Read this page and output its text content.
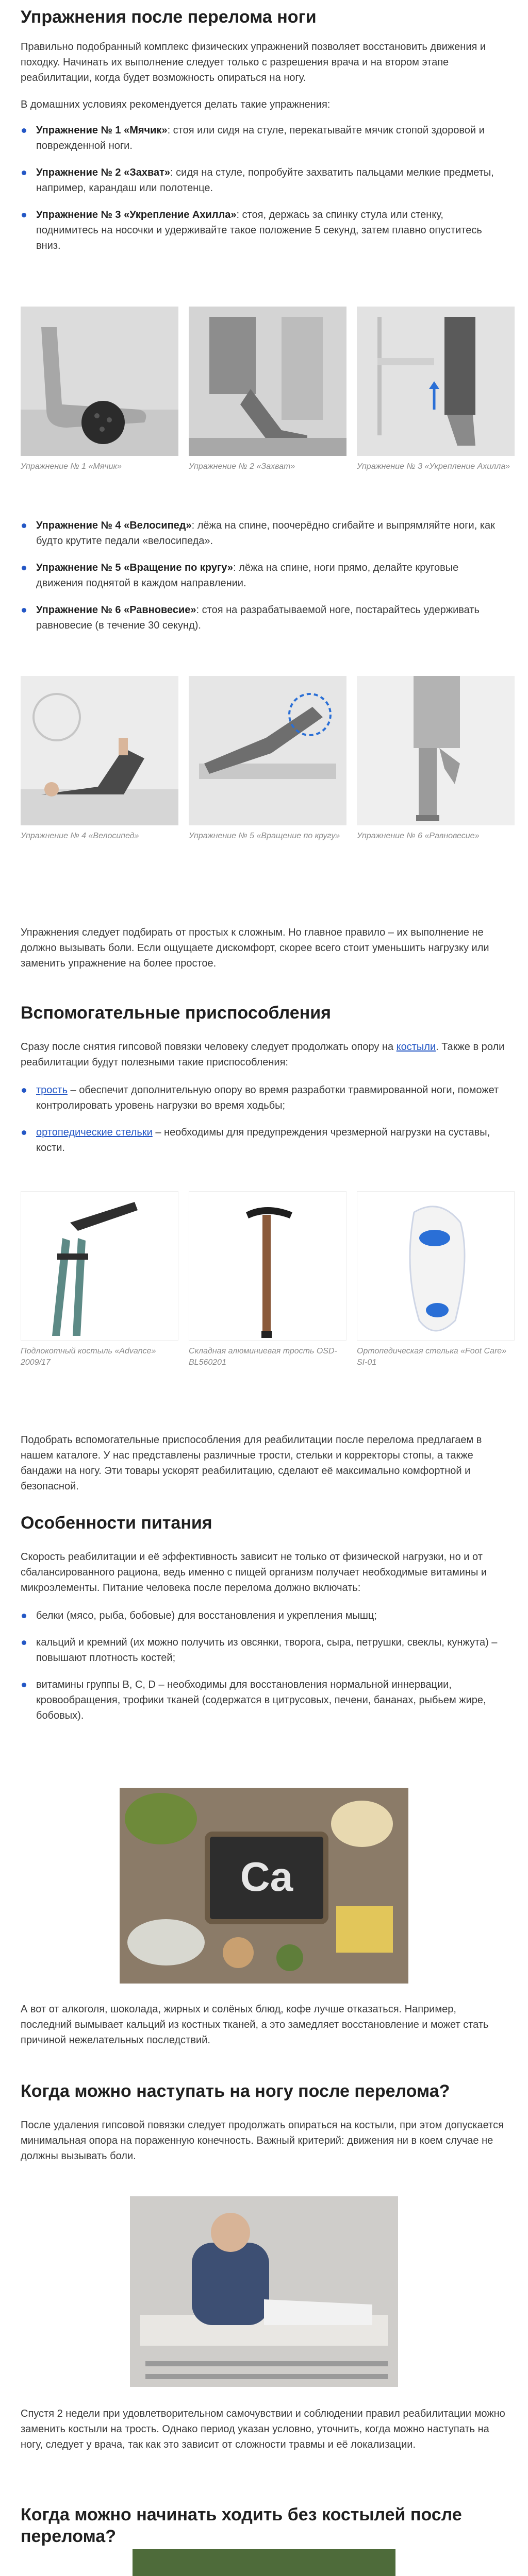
Упражнения после перелома ноги

Правильно подобранный комплекс физических упражнений позволяет восстановить движения и походку. Начинать их выполнение следует только с разрешения врача и на втором этапе реабилитации, когда будет возможность опираться на ногу.

В домашних условиях рекомендуется делать такие упражнения:

Упражнение № 1 «Мячик»: стоя или сидя на стуле, перекатывайте мячик стопой здоровой и поврежденной ноги.
Упражнение № 2 «Захват»: сидя на стуле, попробуйте захватить пальцами мелкие предметы, например, карандаш или полотенце.
Упражнение № 3 «Укрепление Ахилла»: стоя, держась за спинку стула или стенку, поднимитесь на носочки и удерживайте такое положение 5 секунд, затем плавно опуститесь вниз.
Упражнение № 1 «Мячик»	Упражнение № 2 «Захват»	Упражнение № 3 «Укрепление Ахилла»
Упражнение № 4 «Велосипед»: лёжа на спине, поочерёдно сгибайте и выпрямляйте ноги, как будто крутите педали «велосипеда».
Упражнение № 5 «Вращение по кругу»: лёжа на спине, ноги прямо, делайте круговые движения поднятой в каждом направлении.
Упражнение № 6 «Равновесие»: стоя на разрабатываемой ноге, постарайтесь удерживать равновесие (в течение 30 секунд).
Упражнение № 4 «Велосипед»	Упражнение № 5 «Вращение по кругу»	Упражнение № 6 «Равновесие»

Упражнения следует подбирать от простых к сложным. Но главное правило – их выполнение не должно вызывать боли. Если ощущаете дискомфорт, скорее всего стоит уменьшить нагрузку или заменить упражнение на более простое.

Вспомогательные приспособления

Сразу после снятия гипсовой повязки человеку следует продолжать опору на костыли. Также в роли реабилитации будут полезными такие приспособления:

трость – обеспечит дополнительную опору во время разработки травмированной ноги, поможет контролировать уровень нагрузки во время ходьбы;
ортопедические стельки – необходимы для предупреждения чрезмерной нагрузки на суставы, кости.
Подлокотный костыль «Advance» 2009/17
Складная алюминиевая трость OSD-BL560201
Ортопедическая стелька «Foot Care» SI-01

Подобрать вспомогательные приспособления для реабилитации после перелома предлагаем в нашем каталоге. У нас представлены различные трости, стельки и корректоры стопы, а также бандажи на ногу. Эти товары ускорят реабилитацию, сделают её максимально комфортной и безопасной.

Особенности питания

Скорость реабилитации и её эффективность зависит не только от физической нагрузки, но и от сбалансированного рациона, ведь именно с пищей организм получает необходимые витамины и микроэлементы. Питание человека после перелома должно включать:

белки (мясо, рыба, бобовые) для восстановления и укрепления мышц;
кальций и кремний (их можно получить из овсянки, творога, сыра, петрушки, свеклы, кунжута) – повышают плотность костей;
витамины группы B, C, D – необходимы для восстановления нормальной иннервации, кровообращения, трофики тканей (содержатся в цитрусовых, печени, бананах, рыбьем жире, бобовых).
Ca

А вот от алкоголя, шоколада, жирных и солёных блюд, кофе лучше отказаться. Например, последний вымывает кальций из костных тканей, а это замедляет восстановление и может стать причиной нежелательных последствий.

Когда можно наступать на ногу после перелома?

После удаления гипсовой повязки следует продолжать опираться на костыли, при этом допускается минимальная опора на пораженную конечность. Важный критерий: движения ни в коем случае не должны вызывать боли.

Спустя 2 недели при удовлетворительном самочувствии и соблюдении правил реабилитации можно заменить костыли на трость. Однако период указан условно, уточнить, когда можно наступать на ногу, следует у врача, так как это зависит от сложности травмы и её локализации.

Когда можно начинать ходить без костылей после перелома?
